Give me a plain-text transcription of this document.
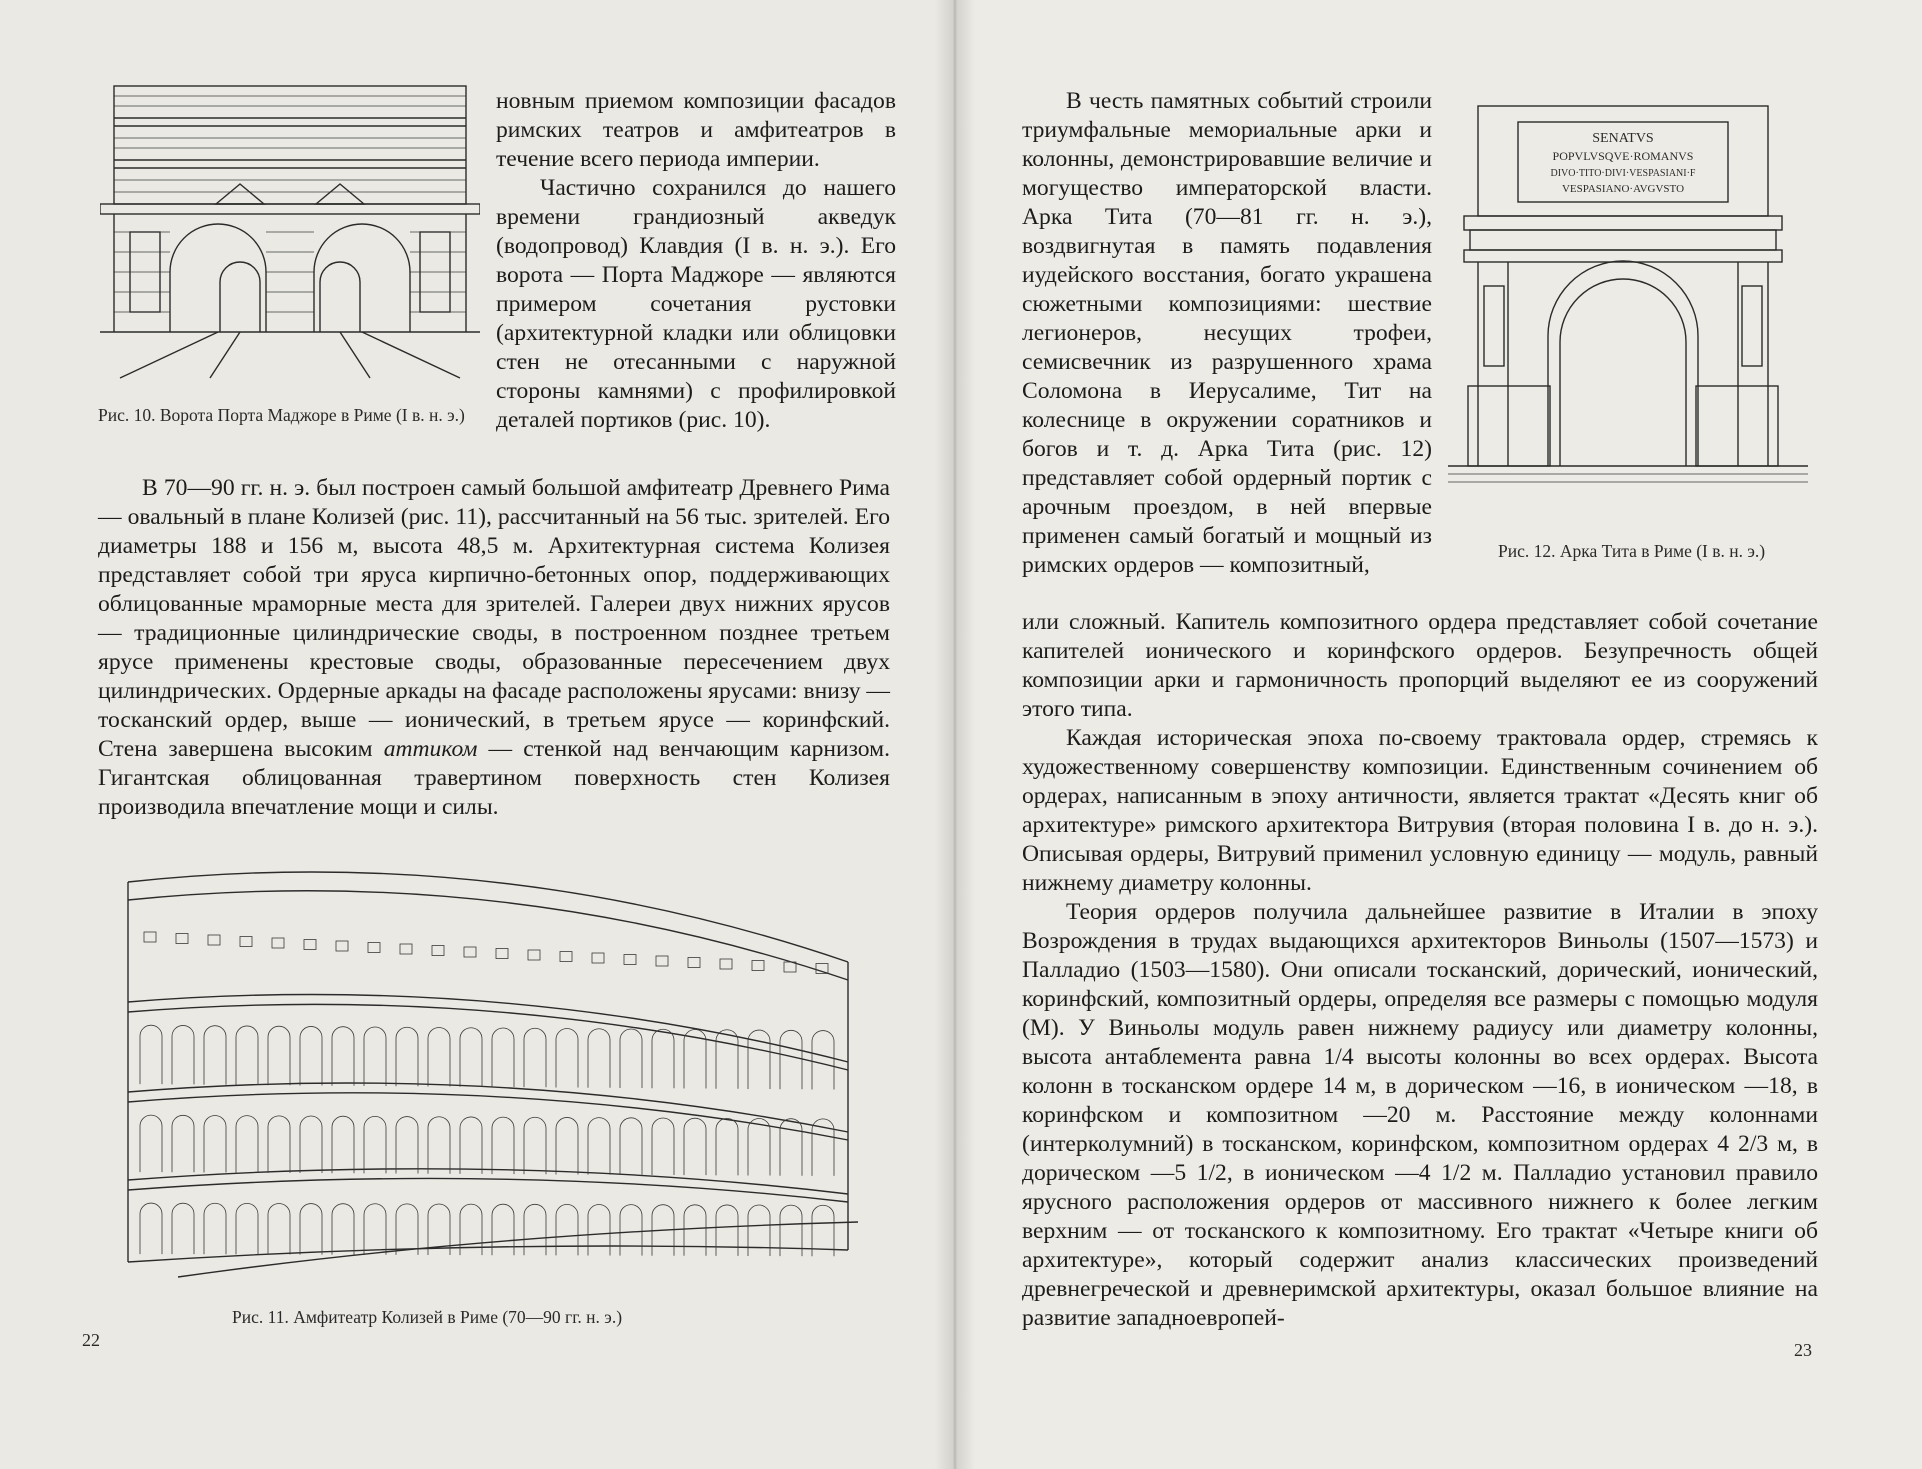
Рис. 10. Ворота Порта Маджоре в Риме (I в. н. э.)

новным приемом композиции фасадов римских театров и амфитеатров в течение всего периода империи.

Частично сохранился до нашего времени грандиозный акведук (водопровод) Клавдия (I в. н. э.). Его ворота — Порта Маджоре — являются примером сочетания рустовки (архитектурной кладки или облицовки стен не отесанными с наружной стороны камнями) с профилировкой деталей портиков (рис. 10).

В 70—90 гг. н. э. был построен самый большой амфитеатр Древнего Рима — овальный в плане Колизей (рис. 11), рассчитанный на 56 тыс. зрителей. Его диаметры 188 и 156 м, высота 48,5 м. Архитектурная система Колизея представляет собой три яруса кирпично-бетонных опор, поддерживающих облицованные мраморные места для зрителей. Галереи двух нижних ярусов — традиционные цилиндрические своды, в построенном позднее третьем ярусе применены крестовые своды, образованные пересечением двух цилиндрических. Ордерные аркады на фасаде расположены ярусами: внизу — тосканский ордер, выше — ионический, в третьем ярусе — коринфский. Стена завершена высоким аттиком — стенкой над венчающим карнизом. Гигантская облицованная травертином поверхность стен Колизея производила впечатление мощи и силы.

Рис. 11. Амфитеатр Колизей в Риме (70—90 гг. н. э.)
22

В честь памятных событий строили триумфальные мемориальные арки и колонны, демонстрировавшие величие и могущество императорской власти. Арка Тита (70—81 гг. н. э.), воздвигнутая в память подавления иудейского восстания, богато украшена сюжетными композициями: шествие легионеров, несущих трофеи, семисвечник из разрушенного храма Соломона в Иерусалиме, Тит на колеснице в окружении соратников и богов и т. д. Арка Тита (рис. 12) представляет собой ордерный портик с арочным проездом, в ней впервые применен самый богатый и мощный из римских ордеров — композитный,

SENATVS
POPVLVSQVE·ROMANVS
DIVO·TITO·DIVI·VESPASIANI·F
VESPASIANO·AVGVSTO
Рис. 12. Арка Тита в Риме (I в. н. э.)

или сложный. Капитель композитного ордера представляет собой сочетание капителей ионического и коринфского ордеров. Безупречность общей композиции арки и гармоничность пропорций выделяют ее из сооружений этого типа.

Каждая историческая эпоха по-своему трактовала ордер, стремясь к художественному совершенству композиции. Единственным сочинением об ордерах, написанным в эпоху античности, является трактат «Десять книг об архитектуре» римского архитектора Витрувия (вторая половина I в. до н. э.). Описывая ордеры, Витрувий применил условную единицу — модуль, равный нижнему диаметру колонны.

Теория ордеров получила дальнейшее развитие в Италии в эпоху Возрождения в трудах выдающихся архитекторов Виньолы (1507—1573) и Палладио (1503—1580). Они описали тосканский, дорический, ионический, коринфский, композитный ордеры, определяя все размеры с помощью модуля (М). У Виньолы модуль равен нижнему радиусу или диаметру колонны, высота антаблемента равна 1/4 высоты колонны во всех ордерах. Высота колонн в тосканском ордере 14 м, в дорическом —16, в ионическом —18, в коринфском и композитном —20 м. Расстояние между колоннами (интерколумний) в тосканском, коринфском, композитном ордерах 4 2/3 м, в дорическом —5 1/2, в ионическом —4 1/2 м. Палладио установил правило ярусного расположения ордеров от массивного нижнего к более легким верхним — от тосканского к композитному. Его трактат «Четыре книги об архитектуре», который содержит анализ классических произведений древнегреческой и древнеримской архитектуры, оказал большое влияние на развитие западноевропей-

23
